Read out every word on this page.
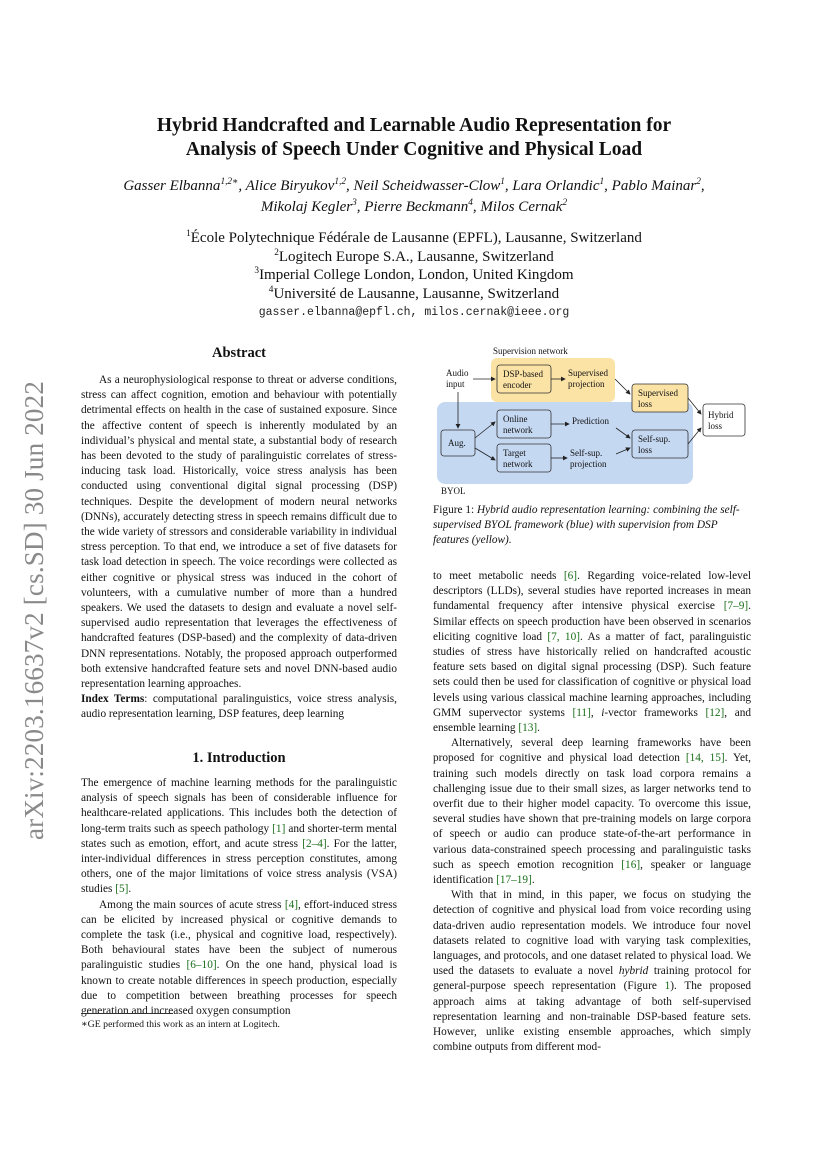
arXiv:2203.16637v2 [cs.SD] 30 Jun 2022
Hybrid Handcrafted and Learnable Audio Representation for
Analysis of Speech Under Cognitive and Physical Load
Gasser Elbanna$^{1,2∗}$, Alice Biryukov$^{1,2}$, Neil Scheidwasser-Clow$^1$, Lara Orlandic$^1$, Pablo Mainar$^2$,
Mikolaj Kegler$^3$, Pierre Beckmann$^4$, Milos Cernak$^2$
$^1$École Polytechnique Fédérale de Lausanne (EPFL), Lausanne, Switzerland
$^2$Logitech Europe S.A., Lausanne, Switzerland
$^3$Imperial College London, London, United Kingdom
$^4$Université de Lausanne, Lausanne, Switzerland
gasser.elbanna@epfl.ch, milos.cernak@ieee.org
Abstract

As a neurophysiological response to threat or adverse conditions, stress can affect cognition, emotion and behaviour with potentially detrimental effects on health in the case of sustained exposure. Since the affective content of speech is inherently modulated by an individual’s physical and mental state, a substantial body of research has been devoted to the study of paralinguistic correlates of stress-inducing task load. Historically, voice stress analysis has been conducted using conventional digital signal processing (DSP) techniques. Despite the development of modern neural networks (DNNs), accurately detecting stress in speech remains difficult due to the wide variety of stressors and considerable variability in individual stress perception. To that end, we introduce a set of five datasets for task load detection in speech. The voice recordings were collected as either cognitive or physical stress was induced in the cohort of volunteers, with a cumulative number of more than a hundred speakers. We used the datasets to design and evaluate a novel self-supervised audio representation that leverages the effectiveness of handcrafted features (DSP-based) and the complexity of data-driven DNN representations. Notably, the proposed approach outperformed both extensive handcrafted feature sets and novel DNN-based audio representation learning approaches.

Index Terms: computational paralinguistics, voice stress analysis, audio representation learning, DSP features, deep learning

1. Introduction

The emergence of machine learning methods for the paralinguistic analysis of speech signals has been of considerable influence for healthcare-related applications. This includes both the detection of long-term traits such as speech pathology [1] and shorter-term mental states such as emotion, effort, and acute stress [2–4]. For the latter, inter-individual differences in stress perception constitutes, among others, one of the major limitations of voice stress analysis (VSA) studies [5].

Among the main sources of acute stress [4], effort-induced stress can be elicited by increased physical or cognitive demands to complete the task (i.e., physical and cognitive load, respectively). Both behavioural states have been the subject of numerous paralinguistic studies [6–10]. On the one hand, physical load is known to create notable differences in speech production, especially due to competition between breathing processes for speech generation and increased oxygen consumption

∗GE performed this work as an intern at Logitech.
Supervision network
Audio input
DSP-based encoder
Supervised projection
Supervised loss
Hybrid loss
Aug.
Online network
Prediction
Self-sup. loss
Target network
Self-sup. projection
BYOL
Figure 1: Hybrid audio representation learning: combining the self-supervised BYOL framework (blue) with supervision from DSP features (yellow).

to meet metabolic needs [6]. Regarding voice-related low-level descriptors (LLDs), several studies have reported increases in mean fundamental frequency after intensive physical exercise [7–9]. Similar effects on speech production have been observed in scenarios eliciting cognitive load [7, 10]. As a matter of fact, paralinguistic studies of stress have historically relied on handcrafted acoustic feature sets based on digital signal processing (DSP). Such feature sets could then be used for classification of cognitive or physical load levels using various classical machine learning approaches, including GMM supervector systems [11], i-vector frameworks [12], and ensemble learning [13].

Alternatively, several deep learning frameworks have been proposed for cognitive and physical load detection [14, 15]. Yet, training such models directly on task load corpora remains a challenging issue due to their small sizes, as larger networks tend to overfit due to their higher model capacity. To overcome this issue, several studies have shown that pre-training models on large corpora of speech or audio can produce state-of-the-art performance in various data-constrained speech processing and paralinguistic tasks such as speech emotion recognition [16], speaker or language identification [17–19].

With that in mind, in this paper, we focus on studying the detection of cognitive and physical load from voice recording using data-driven audio representation models. We introduce four novel datasets related to cognitive load with varying task complexities, languages, and protocols, and one dataset related to physical load. We used the datasets to evaluate a novel hybrid training protocol for general-purpose speech representation (Figure 1). The proposed approach aims at taking advantage of both self-supervised representation learning and non-trainable DSP-based feature sets. However, unlike existing ensemble approaches, which simply combine outputs from different mod-
